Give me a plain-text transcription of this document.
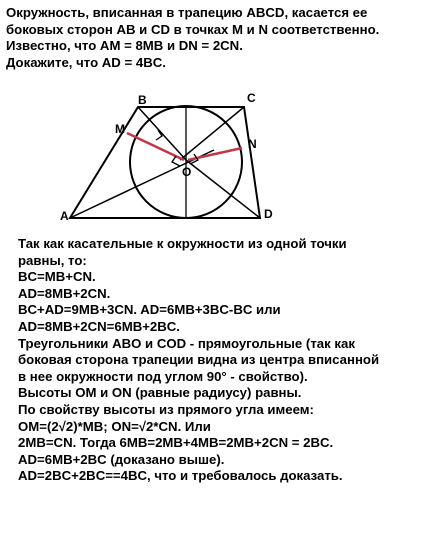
Окружность, вписанная в трапецию ABCD, касается ее
боковых сторон AB и CD в точках M и N соответственно.
Известно, что AM = 8MB и DN = 2CN.
Докажите, что AD = 4BC.
A
B	C
D
M
N
O
Так как касательные к окружности из одной точки
равны, то:
BC=MB+CN.
AD=8MB+2CN.
BC+AD=9MB+3CN. AD=6MB+3BC-BC или
AD=8MB+2CN=6MB+2BC.
Треугольники ABO и COD - прямоугольные (так как
боковая сторона трапеции видна из центра вписанной
в нее окружности под углом 90° - свойство).
Высоты OM и ON (равные радиусу) равны.
По свойству высоты из прямого угла имеем:
OM=(2√2)*MB; ON=√2*CN. Или
2MB=CN. Тогда 6MB=2MB+4MB=2MB+2CN = 2BC.
AD=6MB+2BC (доказано выше).
AD=2BC+2BC==4BC, что и требовалось доказать.
